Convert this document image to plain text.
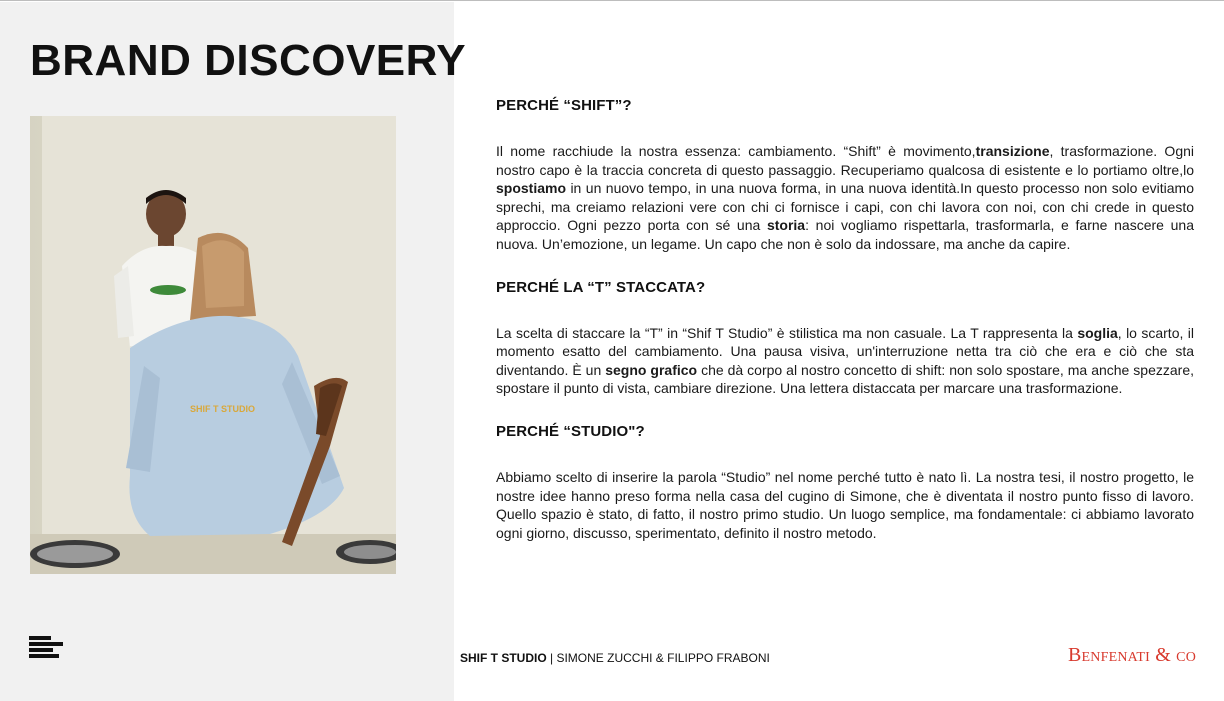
BRAND DISCOVERY
SHIF T STUDIO
PERCHÉ “SHIFT”?

Il nome racchiude la nostra essenza: cambiamento. “Shift” è movimento,transizione, trasformazione. Ogni nostro capo è la traccia concreta di questo passaggio. Recuperiamo qualcosa di esistente e lo portiamo oltre,lo spostiamo in un nuovo tempo, in una nuova forma, in una nuova identità.In questo processo non solo evitiamo sprechi, ma creiamo relazioni vere con chi ci fornisce i capi, con chi lavora con noi, con chi crede in questo approccio. Ogni pezzo porta con sé una storia: noi vogliamo rispettarla, trasformarla, e farne nascere una nuova. Un’emozione, un legame. Un capo che non è solo da indossare, ma anche da capire.

PERCHÉ LA “T” STACCATA?

La scelta di staccare la “T” in “Shif T Studio” è stilistica ma non casuale. La T rappresenta la soglia, lo scarto, il momento esatto del cambiamento. Una pausa visiva, un'interruzione netta tra ciò che era e ciò che sta diventando. È un segno grafico che dà corpo al nostro concetto di shift: non solo spostare, ma anche spezzare, spostare il punto di vista, cambiare direzione. Una lettera distaccata per marcare una trasformazione.

PERCHÉ “STUDIO"?

Abbiamo scelto di inserire la parola “Studio” nel nome perché tutto è nato lì. La nostra tesi, il nostro progetto, le nostre idee hanno preso forma nella casa del cugino di Simone, che è diventata il nostro punto fisso di lavoro. Quello spazio è stato, di fatto, il nostro primo studio. Un luogo semplice, ma fondamentale: ci abbiamo lavorato ogni giorno, discusso, sperimentato, definito il nostro metodo.

SHIF T STUDIO | SIMONE ZUCCHI & FILIPPO FRABONI	Benfenati & co
